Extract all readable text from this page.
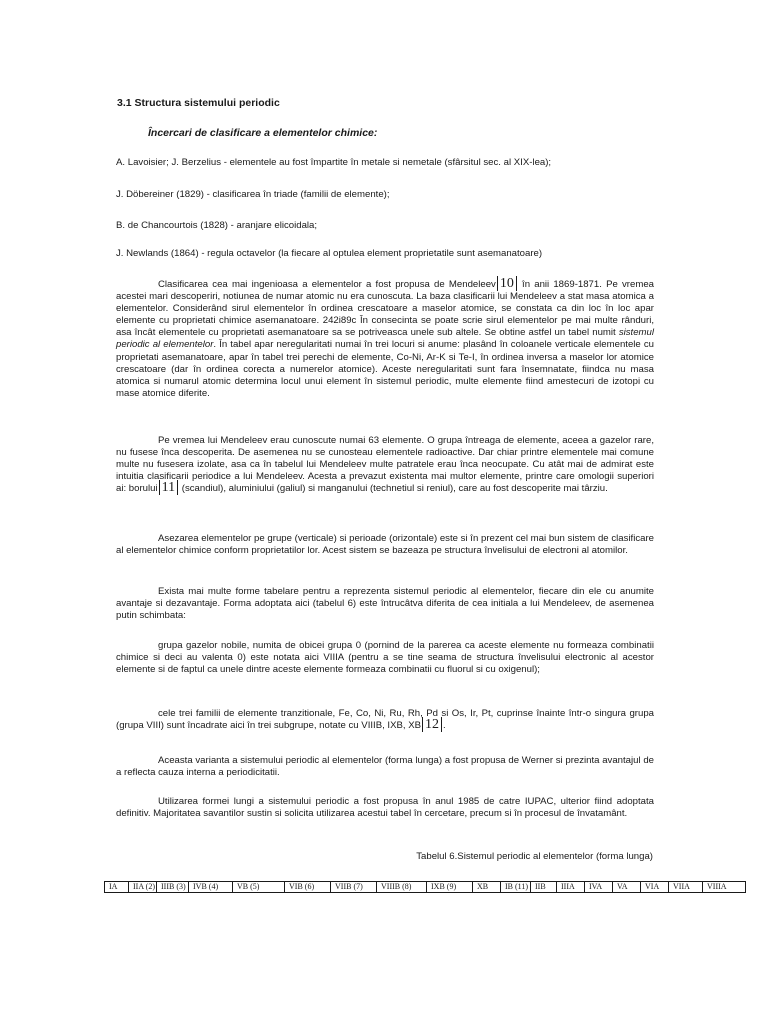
3.1 Structura sistemului periodic
Încercari de clasificare a elementelor chimice:
A. Lavoisier; J. Berzelius - elementele au fost împartite în metale si nemetale (sfârsitul sec. al XIX-lea);
J. Döbereiner (1829) - clasificarea în triade (familii de elemente);
B. de Chancourtois (1828) - aranjare elicoidala;
J. Newlands (1864) - regula octavelor (la fiecare al optulea element proprietatile sunt asemanatoare)
Clasificarea cea mai ingenioasa a elementelor a fost propusa de Mendeleev 10 în anii 1869-1871. Pe vremea acestei mari descoperiri, notiunea de numar atomic nu era cunoscuta. La baza clasificarii lui Mendeleev a stat masa atomica a elementelor. Considerând sirul elementelor în ordinea crescatoare a maselor atomice, se constata ca din loc în loc apar elemente cu proprietati chimice asemanatoare. 242i89c În consecinta se poate scrie sirul elementelor pe mai multe rânduri, asa încât elementele cu proprietati asemanatoare sa se potriveasca unele sub altele. Se obtine astfel un tabel numit sistemul periodic al elementelor. În tabel apar neregularitati numai în trei locuri si anume: plasând în coloanele verticale elementele cu proprietati asemanatoare, apar în tabel trei perechi de elemente, Co-Ni, Ar-K si Te-I, în ordinea inversa a maselor lor atomice crescatoare (dar în ordinea corecta a numerelor atomice). Aceste neregularitati sunt fara însemnatate, fiindca nu masa atomica si numarul atomic determina locul unui element în sistemul periodic, multe elemente fiind amestecuri de izotopi cu mase atomice diferite.
Pe vremea lui Mendeleev erau cunoscute numai 63 elemente. O grupa întreaga de elemente, aceea a gazelor rare, nu fusese înca descoperita. De asemenea nu se cunosteau elementele radioactive. Dar chiar printre elementele mai comune multe nu fusesera izolate, asa ca în tabelul lui Mendeleev multe patratele erau înca neocupate. Cu atât mai de admirat este intuitia clasificarii periodice a lui Mendeleev. Acesta a prevazut existenta mai multor elemente, printre care omologii superiori ai: borului 11 (scandiul), aluminiului (galiul) si manganului (technetiul si reniul), care au fost descoperite mai târziu.
Asezarea elementelor pe grupe (verticale) si perioade (orizontale) este si în prezent cel mai bun sistem de clasificare al elementelor chimice conform proprietatilor lor. Acest sistem se bazeaza pe structura învelisului de electroni al atomilor.
Exista mai multe forme tabelare pentru a reprezenta sistemul periodic al elementelor, fiecare din ele cu anumite avantaje si dezavantaje. Forma adoptata aici (tabelul 6) este întrucâtva diferita de cea initiala a lui Mendeleev, de asemenea putin schimbata:
grupa gazelor nobile, numita de obicei grupa 0 (pornind de la parerea ca aceste elemente nu formeaza combinatii chimice si deci au valenta 0) este notata aici VIIIA (pentru a se tine seama de structura învelisului electronic al acestor elemente si de faptul ca unele dintre aceste elemente formeaza combinatii cu fluorul si cu oxigenul);
cele trei familii de elemente tranzitionale, Fe, Co, Ni, Ru, Rh, Pd si Os, Ir, Pt, cuprinse înainte într-o singura grupa (grupa VIII) sunt încadrate aici în trei subgrupe, notate cu VIIIB, IXB, XB 12 .
Aceasta varianta a sistemului periodic al elementelor (forma lunga) a fost propusa de Werner si prezinta avantajul de a reflecta cauza interna a periodicitatii.
Utilizarea formei lungi a sistemului periodic a fost propusa în anul 1985 de catre IUPAC, ulterior fiind adoptata definitiv. Majoritatea savantilor sustin si solicita utilizarea acestui tabel în cercetare, precum si în procesul de învatamânt.
Tabelul 6.Sistemul periodic al elementelor (forma lunga)
IA	IIA (2) IIIB (3) IVB (4)	VB (5)	VIB (6)	VIIB (7)	VIIIB (8)	IXB (9)	XB	IB (11) IIB	IIIA	IVA	VA	VIA	VIIA	VIIIA
